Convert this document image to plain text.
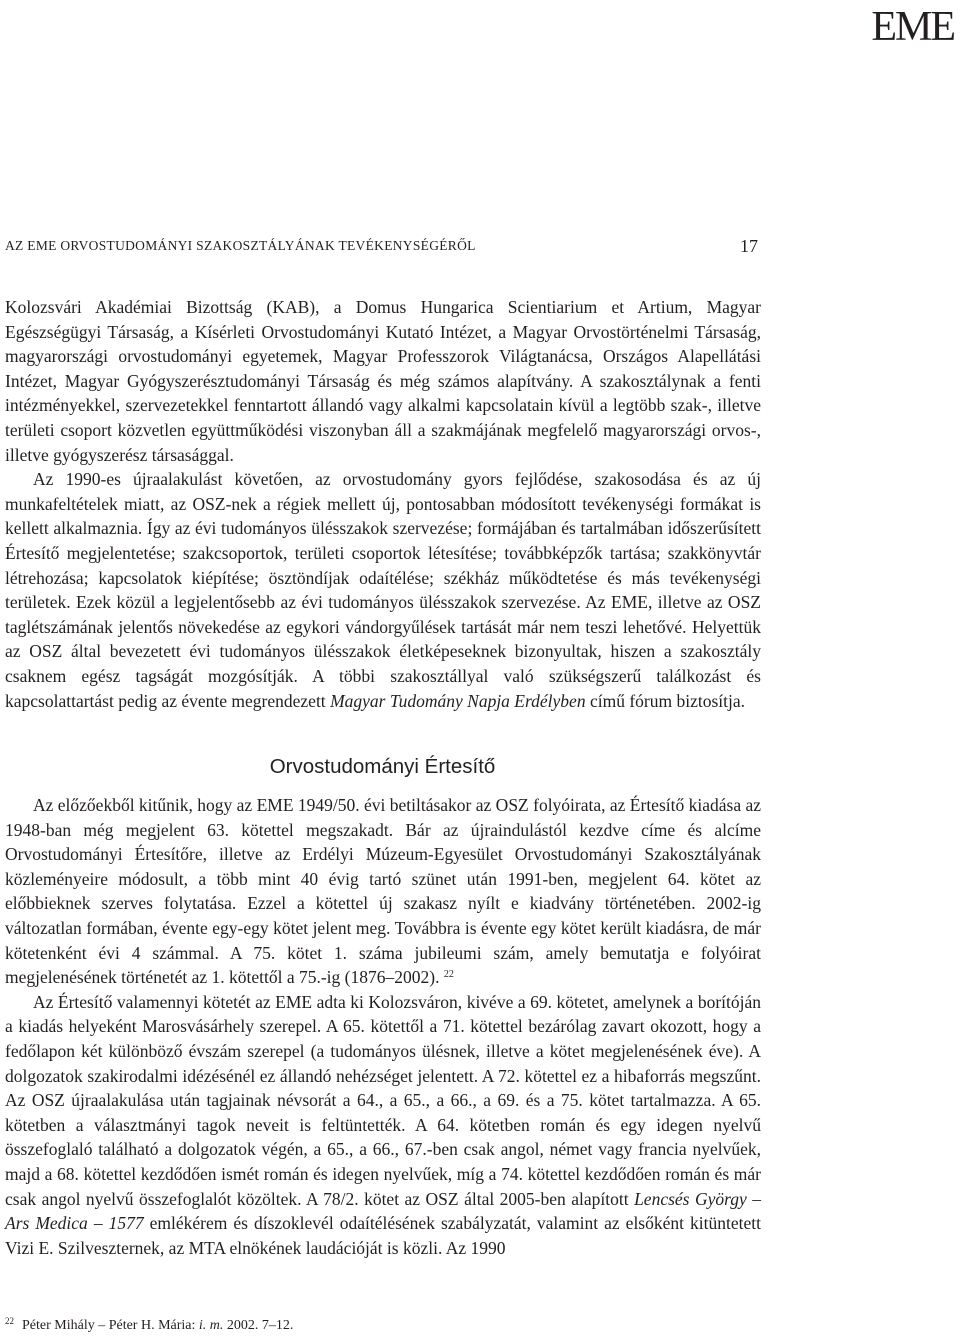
EME
AZ EME ORVOSTUDOMÁNYI SZAKOSZTÁLYÁNAK TEVÉKENYSÉGÉRŐL	17

Kolozsvári Akadémiai Bizottság (KAB), a Domus Hungarica Scientiarium et Artium, Magyar Egészségügyi Társaság, a Kísérleti Orvostudományi Kutató Intézet, a Magyar Orvostörténelmi Társaság, magyarországi orvostudományi egyetemek, Magyar Professzorok Világtanácsa, Országos Alapellátási Intézet, Magyar Gyógyszerésztudományi Társaság és még számos alapítvány. A szakosztálynak a fenti intézményekkel, szervezetekkel fenntartott állandó vagy alkalmi kapcsolatain kívül a legtöbb szak-, illetve területi csoport közvetlen együttműködési viszonyban áll a szakmájának megfelelő magyarországi orvos-, illetve gyógyszerész társasággal.

Az 1990-es újraalakulást követően, az orvostudomány gyors fejlődése, szakosodása és az új munkafeltételek miatt, az OSZ-nek a régiek mellett új, pontosabban módosított tevékenységi formákat is kellett alkalmaznia. Így az évi tudományos ülésszakok szervezése; formájában és tartalmában időszerűsített Értesítő megjelentetése; szakcsoportok, területi csoportok létesítése; továbbképzők tartása; szakkönyvtár létrehozása; kapcsolatok kiépítése; ösztöndíjak odaítélése; székház működtetése és más tevékenységi területek. Ezek közül a legjelentősebb az évi tudományos ülésszakok szervezése. Az EME, illetve az OSZ taglétszámának jelentős növekedése az egykori vándorgyűlések tartását már nem teszi lehetővé. Helyettük az OSZ által bevezetett évi tudományos ülésszakok életképeseknek bizonyultak, hiszen a szakosztály csaknem egész tagságát mozgósítják. A többi szakosztállyal való szükségszerű találkozást és kapcsolattartást pedig az évente megrendezett Magyar Tudomány Napja Erdélyben című fórum biztosítja.

Orvostudományi Értesítő

Az előzőekből kitűnik, hogy az EME 1949/50. évi betiltásakor az OSZ folyóirata, az Értesítő kiadása az 1948-ban még megjelent 63. kötettel megszakadt. Bár az újraindulástól kezdve címe és alcíme Orvostudományi Értesítőre, illetve az Erdélyi Múzeum-Egyesület Orvostudományi Szakosztályának közleményeire módosult, a több mint 40 évig tartó szünet után 1991-ben, megjelent 64. kötet az előbbieknek szerves folytatása. Ezzel a kötettel új szakasz nyílt e kiadvány történetében. 2002-ig változatlan formában, évente egy-egy kötet jelent meg. Továbbra is évente egy kötet került kiadásra, de már kötetenként évi 4 számmal. A 75. kötet 1. száma jubileumi szám, amely bemutatja e folyóirat megjelenésének történetét az 1. kötettől a 75.-ig (1876–2002). $^{22}$

Az Értesítő valamennyi kötetét az EME adta ki Kolozsváron, kivéve a 69. kötetet, amelynek a borítóján a kiadás helyeként Marosvásárhely szerepel. A 65. kötettől a 71. kötettel bezárólag zavart okozott, hogy a fedőlapon két különböző évszám szerepel (a tudományos ülésnek, illetve a kötet megjelenésének éve). A dolgozatok szakirodalmi idézésénél ez állandó nehézséget jelentett. A 72. kötettel ez a hibaforrás megszűnt. Az OSZ újraalakulása után tagjainak névsorát a 64., a 65., a 66., a 69. és a 75. kötet tartalmazza. A 65. kötetben a választmányi tagok neveit is feltüntették. A 64. kötetben román és egy idegen nyelvű összefoglaló található a dolgozatok végén, a 65., a 66., 67.-ben csak angol, német vagy francia nyelvűek, majd a 68. kötettel kezdődően ismét román és idegen nyelvűek, míg a 74. kötettel kezdődően román és már csak angol nyelvű összefoglalót közöltek. A 78/2. kötet az OSZ által 2005-ben alapított Lencsés György – Ars Medica – 1577 emlékérem és díszoklevél odaítélésének szabályzatát, valamint az elsőként kitüntetett Vizi E. Szilveszternek, az MTA elnökének laudációját is közli. Az 1990

$^{22}$ Péter Mihály – Péter H. Mária: i. m. 2002. 7–12.
